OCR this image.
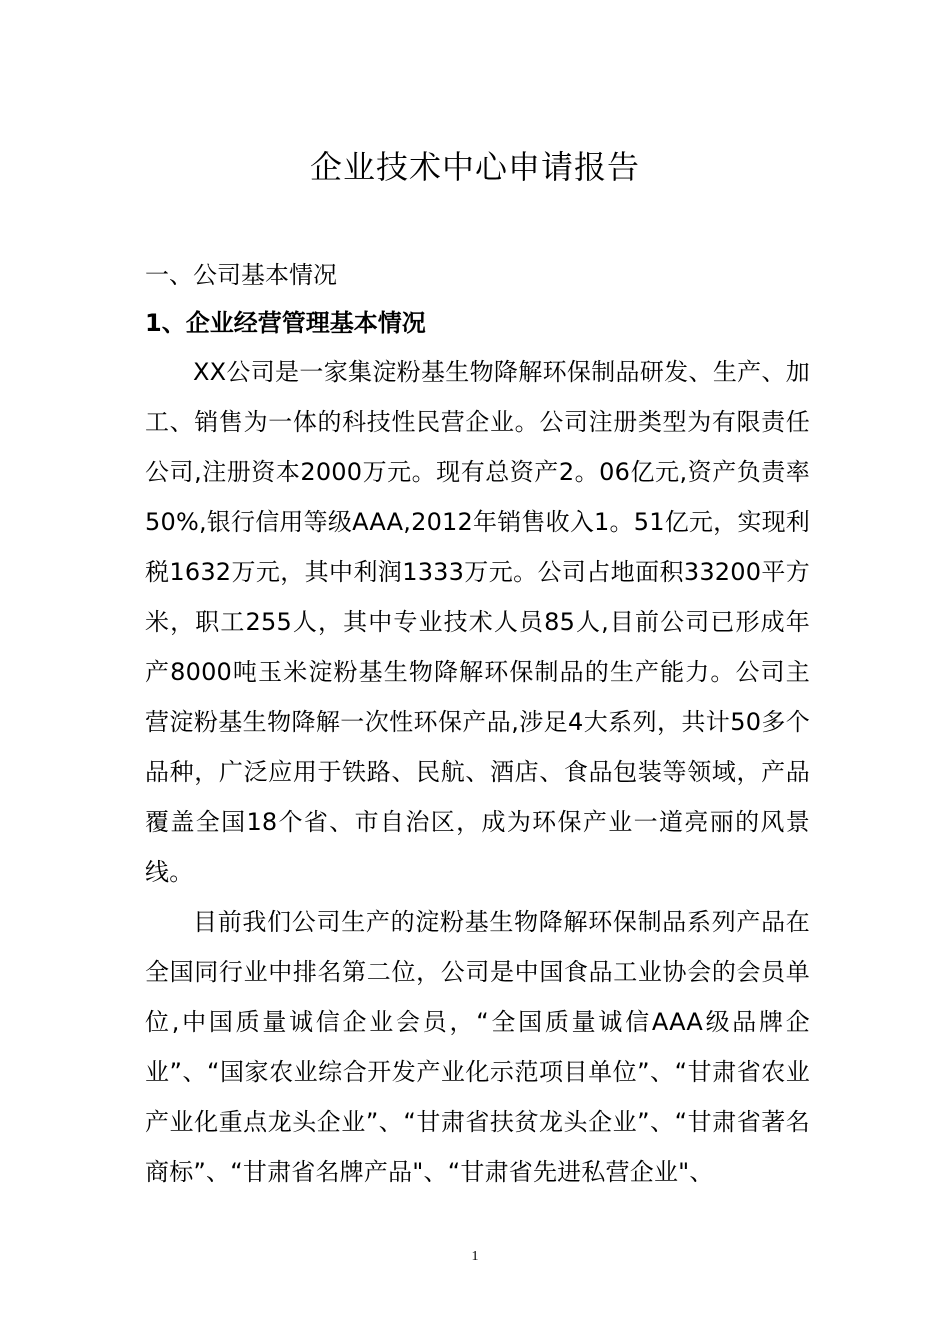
企业技术中心申请报告
一、公司基本情况
1、企业经营管理基本情况

XX公司是一家集淀粉基生物降解环保制品研发、生产、加工、销售为一体的科技性民营企业。公司注册类型为有限责任公司,注册资本2000万元。现有总资产2。06亿元,资产负责率50%,银行信用等级AAA,2012年销售收入1。51亿元，实现利税1632万元，其中利润1333万元。公司占地面积33200平方米，职工255人，其中专业技术人员85人,目前公司已形成年产8000吨玉米淀粉基生物降解环保制品的生产能力。公司主营淀粉基生物降解一次性环保产品,涉足4大系列，共计50多个品种，广泛应用于铁路、民航、酒店、食品包装等领域，产品覆盖全国18个省、市自治区，成为环保产业一道亮丽的风景线。

目前我们公司生产的淀粉基生物降解环保制品系列产品在全国同行业中排名第二位，公司是中国食品工业协会的会员单位,中国质量诚信企业会员，“全国质量诚信AAA级品牌企业”、“国家农业综合开发产业化示范项目单位”、“甘肃省农业产业化重点龙头企业”、“甘肃省扶贫龙头企业”、“甘肃省著名商标”、“甘肃省名牌产品"、“甘肃省先进私营企业"、

1
